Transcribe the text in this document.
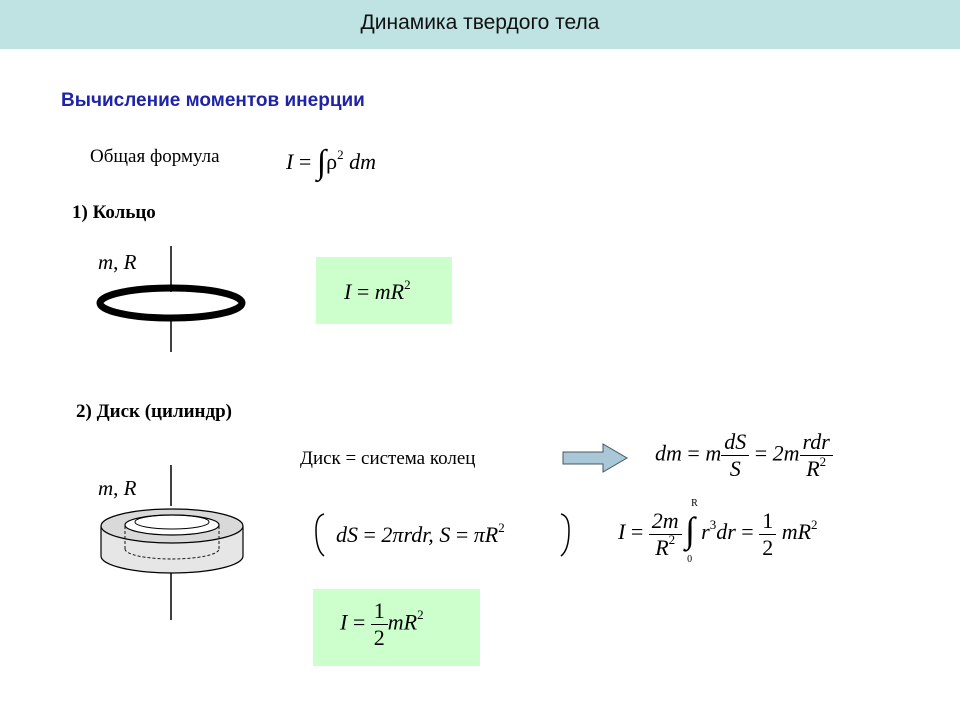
Динамика твердого тела
Вычисление моментов инерции
Общая формула	$I = \int\rho^2$ dm
1) Кольцо
m, R
$I = mR^2$
2) Диск (цилиндр)
Диск = система колец	dm = m $\frac{dS}{S} = 2m \frac{\text{rdr}}{R^2}$
m, R
dS = 2πrdr, $S = \pi R^2$	$I = \frac{2m}{R^2}$

R
∫
0
$r^3dr = \frac{1}{2} mR^2$
$I = \frac{1}{2} mR^2$
